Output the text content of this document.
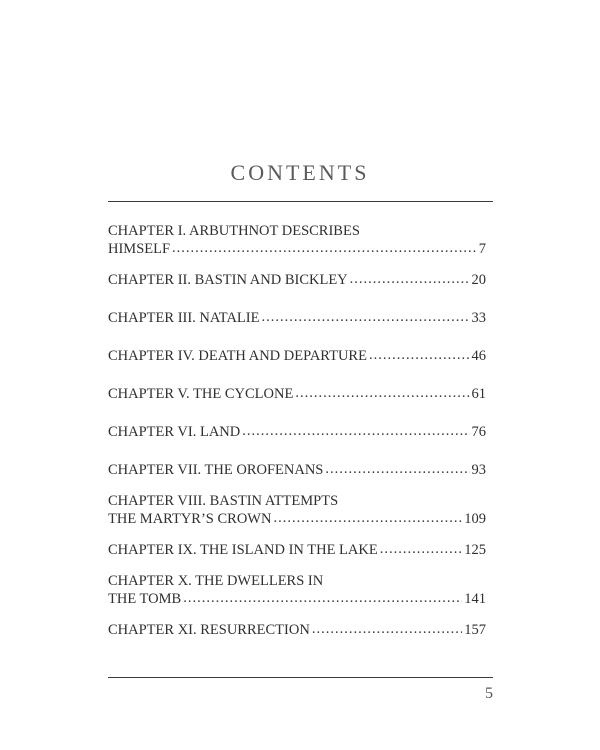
CONTENTS
CHAPTER I. ARBUTHNOT DESCRIBES
HIMSELF .....	7
CHAPTER II. BASTIN AND BICKLEY .....	20
CHAPTER III. NATALIE .....	33
CHAPTER IV. DEATH AND DEPARTURE .....	46
CHAPTER V. THE CYCLONE .....	61
CHAPTER VI. LAND .....	76
CHAPTER VII. THE OROFENANS .....	93
CHAPTER VIII. BASTIN ATTEMPTS
THE MARTYR’S CROWN .....	109
CHAPTER IX. THE ISLAND IN THE LAKE .....	125
CHAPTER X. THE DWELLERS IN
THE TOMB .....	141
CHAPTER XI. RESURRECTION .....	157
5
